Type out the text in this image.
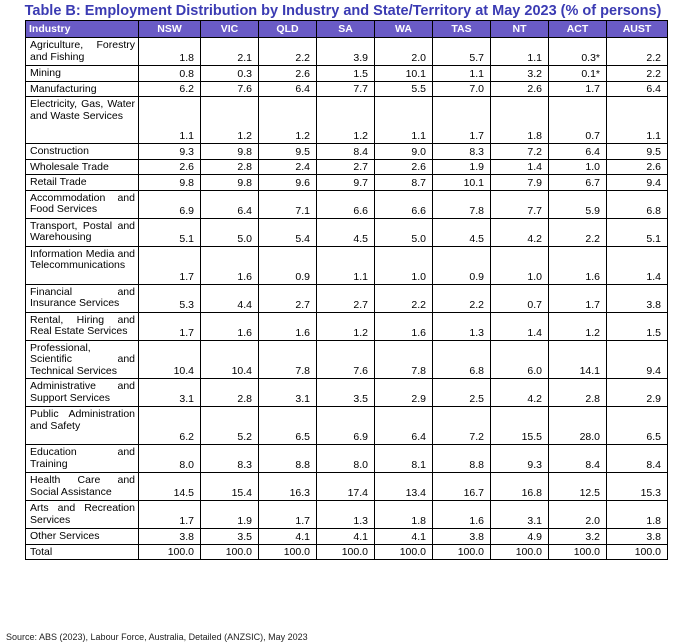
Table B: Employment Distribution by Industry and State/Territory at May 2023 (% of persons)
Industry	NSW	VIC	QLD	SA	WA	TAS	NT	ACT	AUST
Agriculture, Forestry and Fishing	1.8	2.1	2.2	3.9	2.0	5.7	1.1	0.3*	2.2
Mining	0.8	0.3	2.6	1.5	10.1	1.1	3.2	0.1*	2.2
Manufacturing	6.2	7.6	6.4	7.7	5.5	7.0	2.6	1.7	6.4
Electricity, Gas, Water and Waste Services	1.1	1.2	1.2	1.2	1.1	1.7	1.8	0.7	1.1
Construction	9.3	9.8	9.5	8.4	9.0	8.3	7.2	6.4	9.5
Wholesale Trade	2.6	2.8	2.4	2.7	2.6	1.9	1.4	1.0	2.6
Retail Trade	9.8	9.8	9.6	9.7	8.7	10.1	7.9	6.7	9.4
Accommodation and Food Services	6.9	6.4	7.1	6.6	6.6	7.8	7.7	5.9	6.8
Transport, Postal and Warehousing	5.1	5.0	5.4	4.5	5.0	4.5	4.2	2.2	5.1
Information Media and Telecommunications	1.7	1.6	0.9	1.1	1.0	0.9	1.0	1.6	1.4
Financial and Insurance Services	5.3	4.4	2.7	2.7	2.2	2.2	0.7	1.7	3.8
Rental, Hiring and Real Estate Services	1.7	1.6	1.6	1.2	1.6	1.3	1.4	1.2	1.5
Professional, Scientific and Technical Services	10.4	10.4	7.8	7.6	7.8	6.8	6.0	14.1	9.4
Administrative and Support Services	3.1	2.8	3.1	3.5	2.9	2.5	4.2	2.8	2.9
Public Administration and Safety	6.2	5.2	6.5	6.9	6.4	7.2	15.5	28.0	6.5
Education and Training	8.0	8.3	8.8	8.0	8.1	8.8	9.3	8.4	8.4
Health Care and Social Assistance	14.5	15.4	16.3	17.4	13.4	16.7	16.8	12.5	15.3
Arts and Recreation Services	1.7	1.9	1.7	1.3	1.8	1.6	3.1	2.0	1.8
Other Services	3.8	3.5	4.1	4.1	4.1	3.8	4.9	3.2	3.8
Total	100.0	100.0	100.0	100.0	100.0	100.0	100.0	100.0	100.0
Source: ABS (2023), Labour Force, Australia, Detailed (ANZSIC), May 2023
